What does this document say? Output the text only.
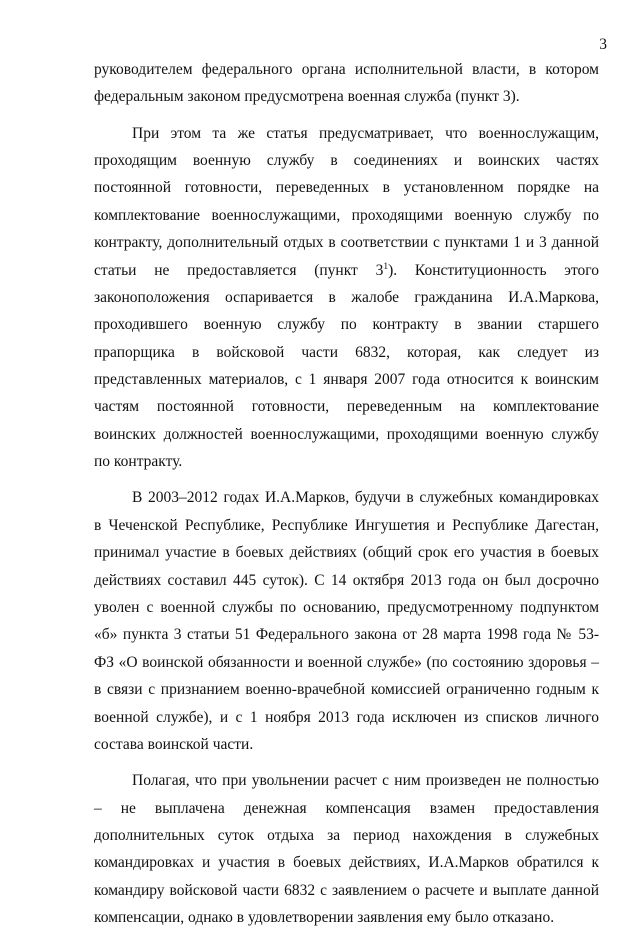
3
руководителем федерального органа исполнительной власти, в котором
федеральным законом предусмотрена военная служба (пункт 3).
При этом та же статья предусматривает, что военнослужащим,
проходящим военную службу в соединениях и воинских частях
постоянной готовности, переведенных в установленном порядке на
комплектование военнослужащими, проходящими военную службу по
контракту, дополнительный отдых в соответствии с пунктами 1 и 3 данной
статьи не предоставляется (пункт $3^1$). Конституционность этого
законоположения оспаривается в жалобе гражданина И.А.Маркова,
проходившего военную службу по контракту в звании старшего
прапорщика в войсковой части 6832, которая, как следует из
представленных материалов, с 1 января 2007 года относится к воинским
частям постоянной готовности, переведенным на комплектование
воинских должностей военнослужащими, проходящими военную службу
по контракту.
В 2003–2012 годах И.А.Марков, будучи в служебных командировках
в Чеченской Республике, Республике Ингушетия и Республике Дагестан,
принимал участие в боевых действиях (общий срок его участия в боевых
действиях составил 445 суток). С 14 октября 2013 года он был досрочно
уволен с военной службы по основанию, предусмотренному подпунктом
«б» пункта 3 статьи 51 Федерального закона от 28 марта 1998 года № 53-
ФЗ «О воинской обязанности и военной службе» (по состоянию здоровья –
в связи с признанием военно-врачебной комиссией ограниченно годным к
военной службе), и с 1 ноября 2013 года исключен из списков личного
состава воинской части.
Полагая, что при увольнении расчет с ним произведен не полностью
– не выплачена денежная компенсация взамен предоставления
дополнительных суток отдыха за период нахождения в служебных
командировках и участия в боевых действиях, И.А.Марков обратился к
командиру войсковой части 6832 с заявлением о расчете и выплате данной
компенсации, однако в удовлетворении заявления ему было отказано.
